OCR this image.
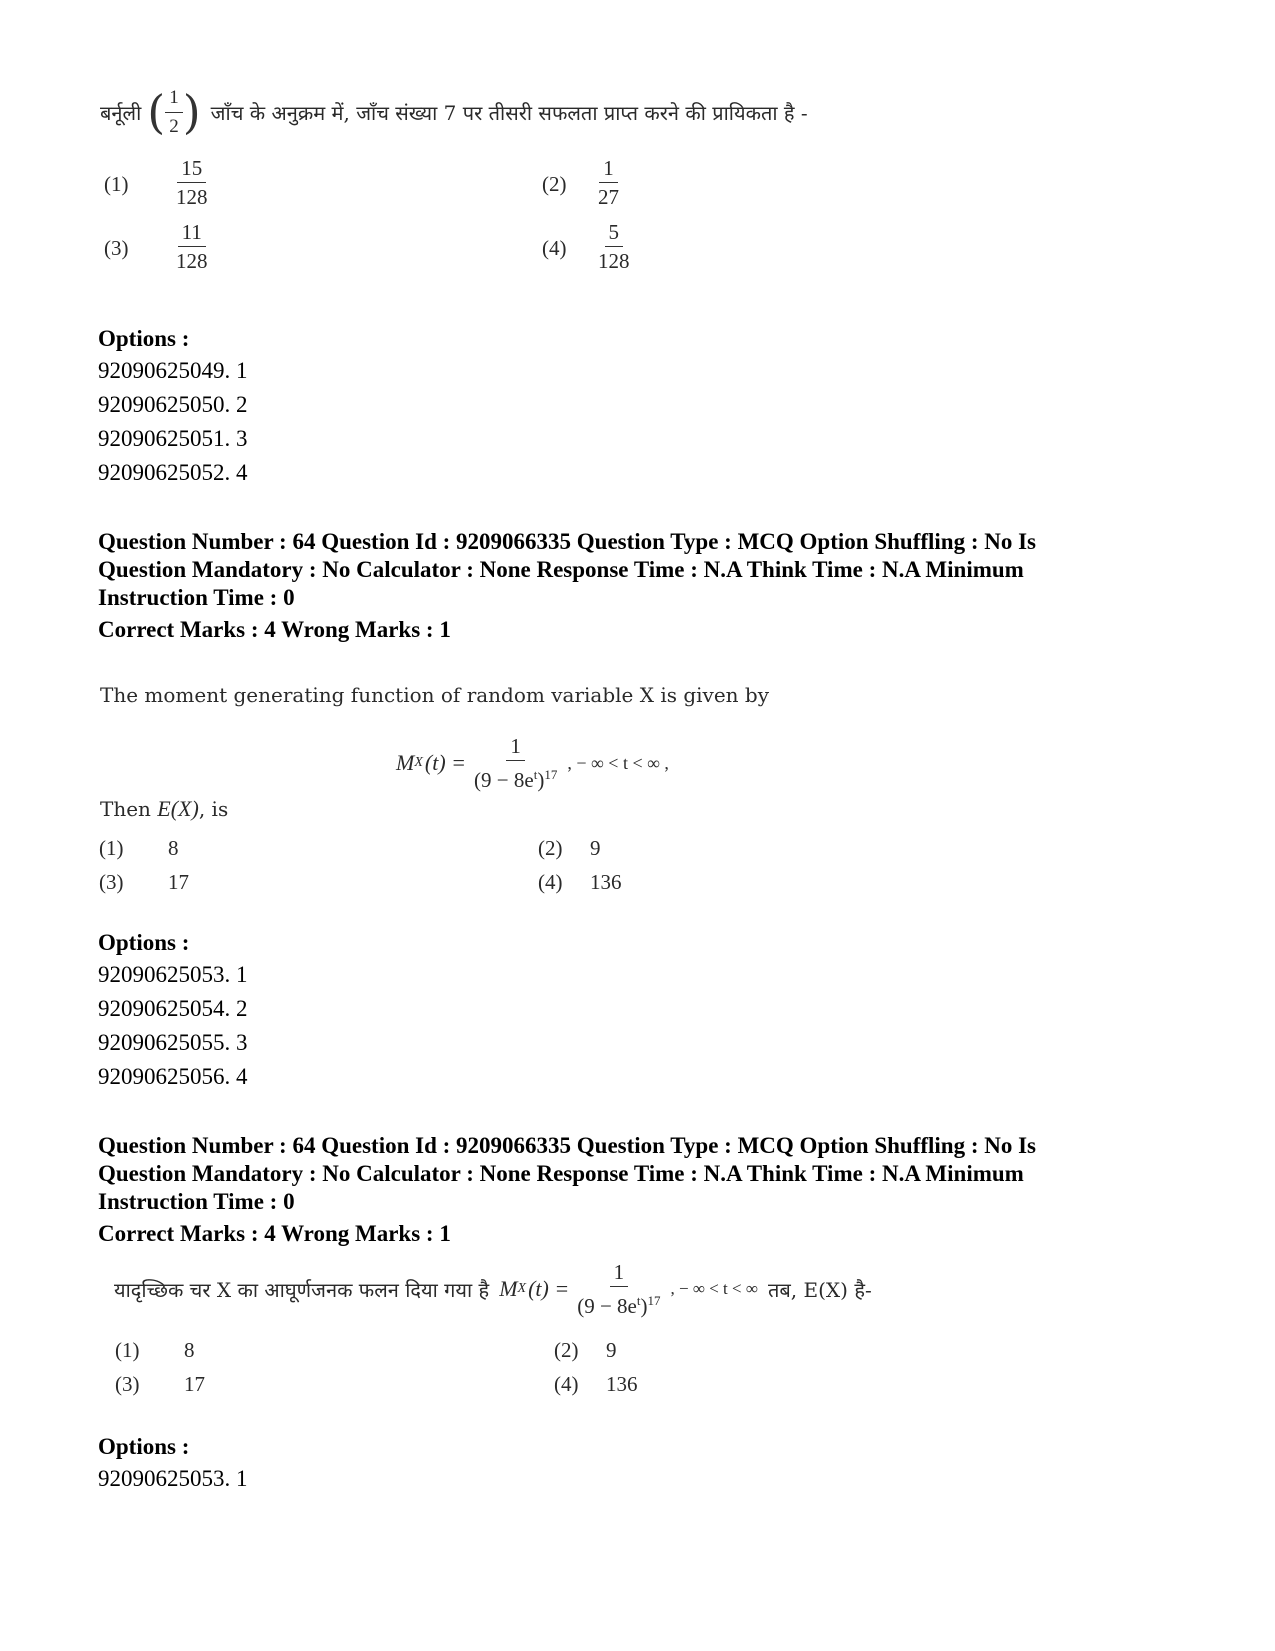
बर्नूली ( $\frac{1}{2}$ ) जाँच के अनुक्रम में, जाँच संख्या 7 पर तीसरी सफलता प्राप्त करने की प्रायिकता है -
$(1) \frac{15}{128}$	$(2) \frac{1}{27}$
$(3) \frac{11}{128}$	$(4) \frac{5}{128}$
Options :
92090625049. 1
92090625050. 2
92090625051. 3
92090625052. 4
Question Number : 64 Question Id : 9209066335 Question Type : MCQ Option Shuffling : No Is
Question Mandatory : No Calculator : None Response Time : N.A Think Time : N.A Minimum
Instruction Time : 0
Correct Marks : 4 Wrong Marks : 1
The moment generating function of random variable X is given by
M X $(t) = \frac{1}{(9 - 8e^t)^{17}}$ , − ∞ < t < ∞ ,
Then E(X), is
(1) 8	(2) 9
(3) 17	(4) 136
Options :
92090625053. 1
92090625054. 2
92090625055. 3
92090625056. 4
Question Number : 64 Question Id : 9209066335 Question Type : MCQ Option Shuffling : No Is
Question Mandatory : No Calculator : None Response Time : N.A Think Time : N.A Minimum
Instruction Time : 0
Correct Marks : 4 Wrong Marks : 1
यादृच्छिक चर X का आघूर्णजनक फलन दिया गया है M X $(t) = \frac{1}{(9 - 8e^t)^{17}}$ , − ∞ < t < ∞ तब, E(X) है-
(1) 8	(2) 9
(3) 17	(4) 136
Options :
92090625053. 1
